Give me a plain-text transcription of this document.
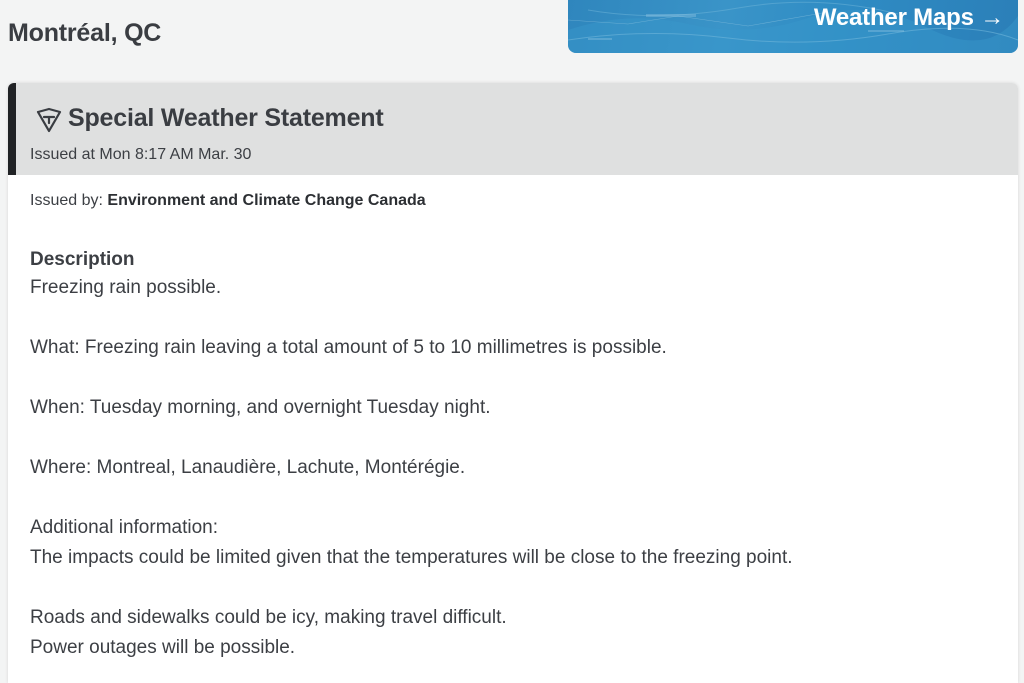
Montréal, QC
Weather Maps →
Special Weather Statement
Issued at Mon 8:17 AM Mar. 30
Issued by: Environment and Climate Change Canada
Description
Freezing rain possible.
What: Freezing rain leaving a total amount of 5 to 10 millimetres is possible.
When: Tuesday morning, and overnight Tuesday night.
Where: Montreal, Lanaudière, Lachute, Montérégie.
Additional information:
The impacts could be limited given that the temperatures will be close to the freezing point.
Roads and sidewalks could be icy, making travel difficult.
Power outages will be possible.
